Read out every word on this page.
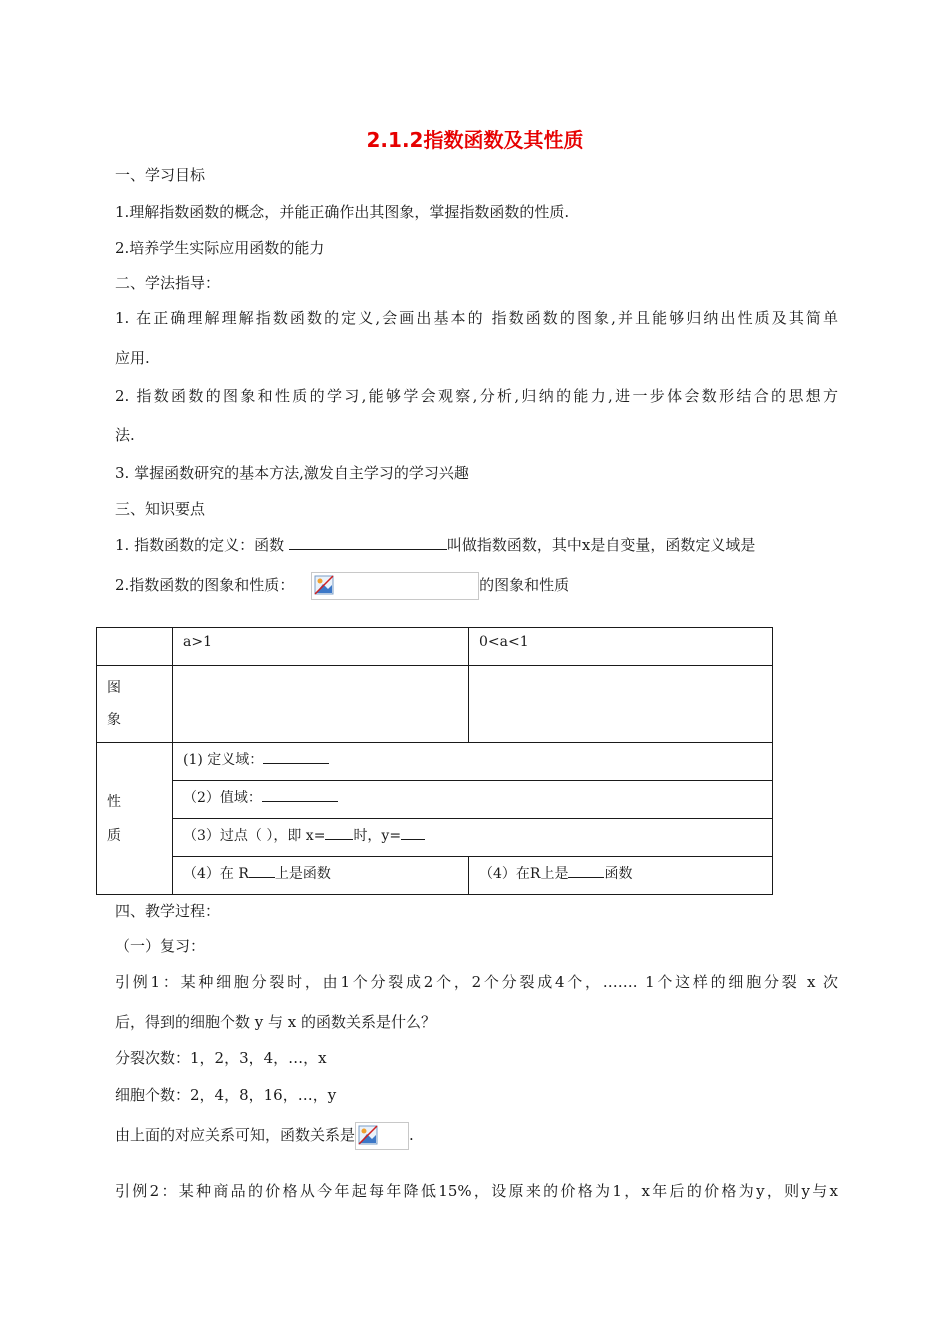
2.1.2指数函数及其性质
一、学习目标
1.理解指数函数的概念，并能正确作出其图象，掌握指数函数的性质.
2.培养学生实际应用函数的能力
二、学法指导：
1. 在正确理解理解指数函数的定义,会画出基本的 指数函数的图象,并且能够归纳出性质及其简单
应用.
2. 指数函数的图象和性质的学习,能够学会观察,分析,归纳的能力,进一步体会数形结合的思想方
法.
3. 掌握函数研究的基本方法,激发自主学习的学习兴趣
三、知识要点
1. 指数函数的定义：函数	叫做指数函数，其中x是自变量，函数定义域是
2.指数函数的图象和性质：	的图象和性质

	a>1	0<a<1

图
象		

性
质	(1) 定义域：	

	（2）值域：	

	（3）过点（ ），即 x= 时，y=	

	（4）在 R 上是函数	（4）在R上是 函数
四、教学过程：
（一）复习：
引例1：某种细胞分裂时，由1个分裂成2个，2个分裂成4个，……. 1个这样的细胞分裂 x 次
后，得到的细胞个数 y 与 x 的函数关系是什么？
分裂次数：1，2，3，4，…，x
细胞个数：2，4，8，16，…，y
由上面的对应关系可知，函数关系是	.
引例2：某种商品的价格从今年起每年降低15%，设原来的价格为1，x年后的价格为y，则y与x
